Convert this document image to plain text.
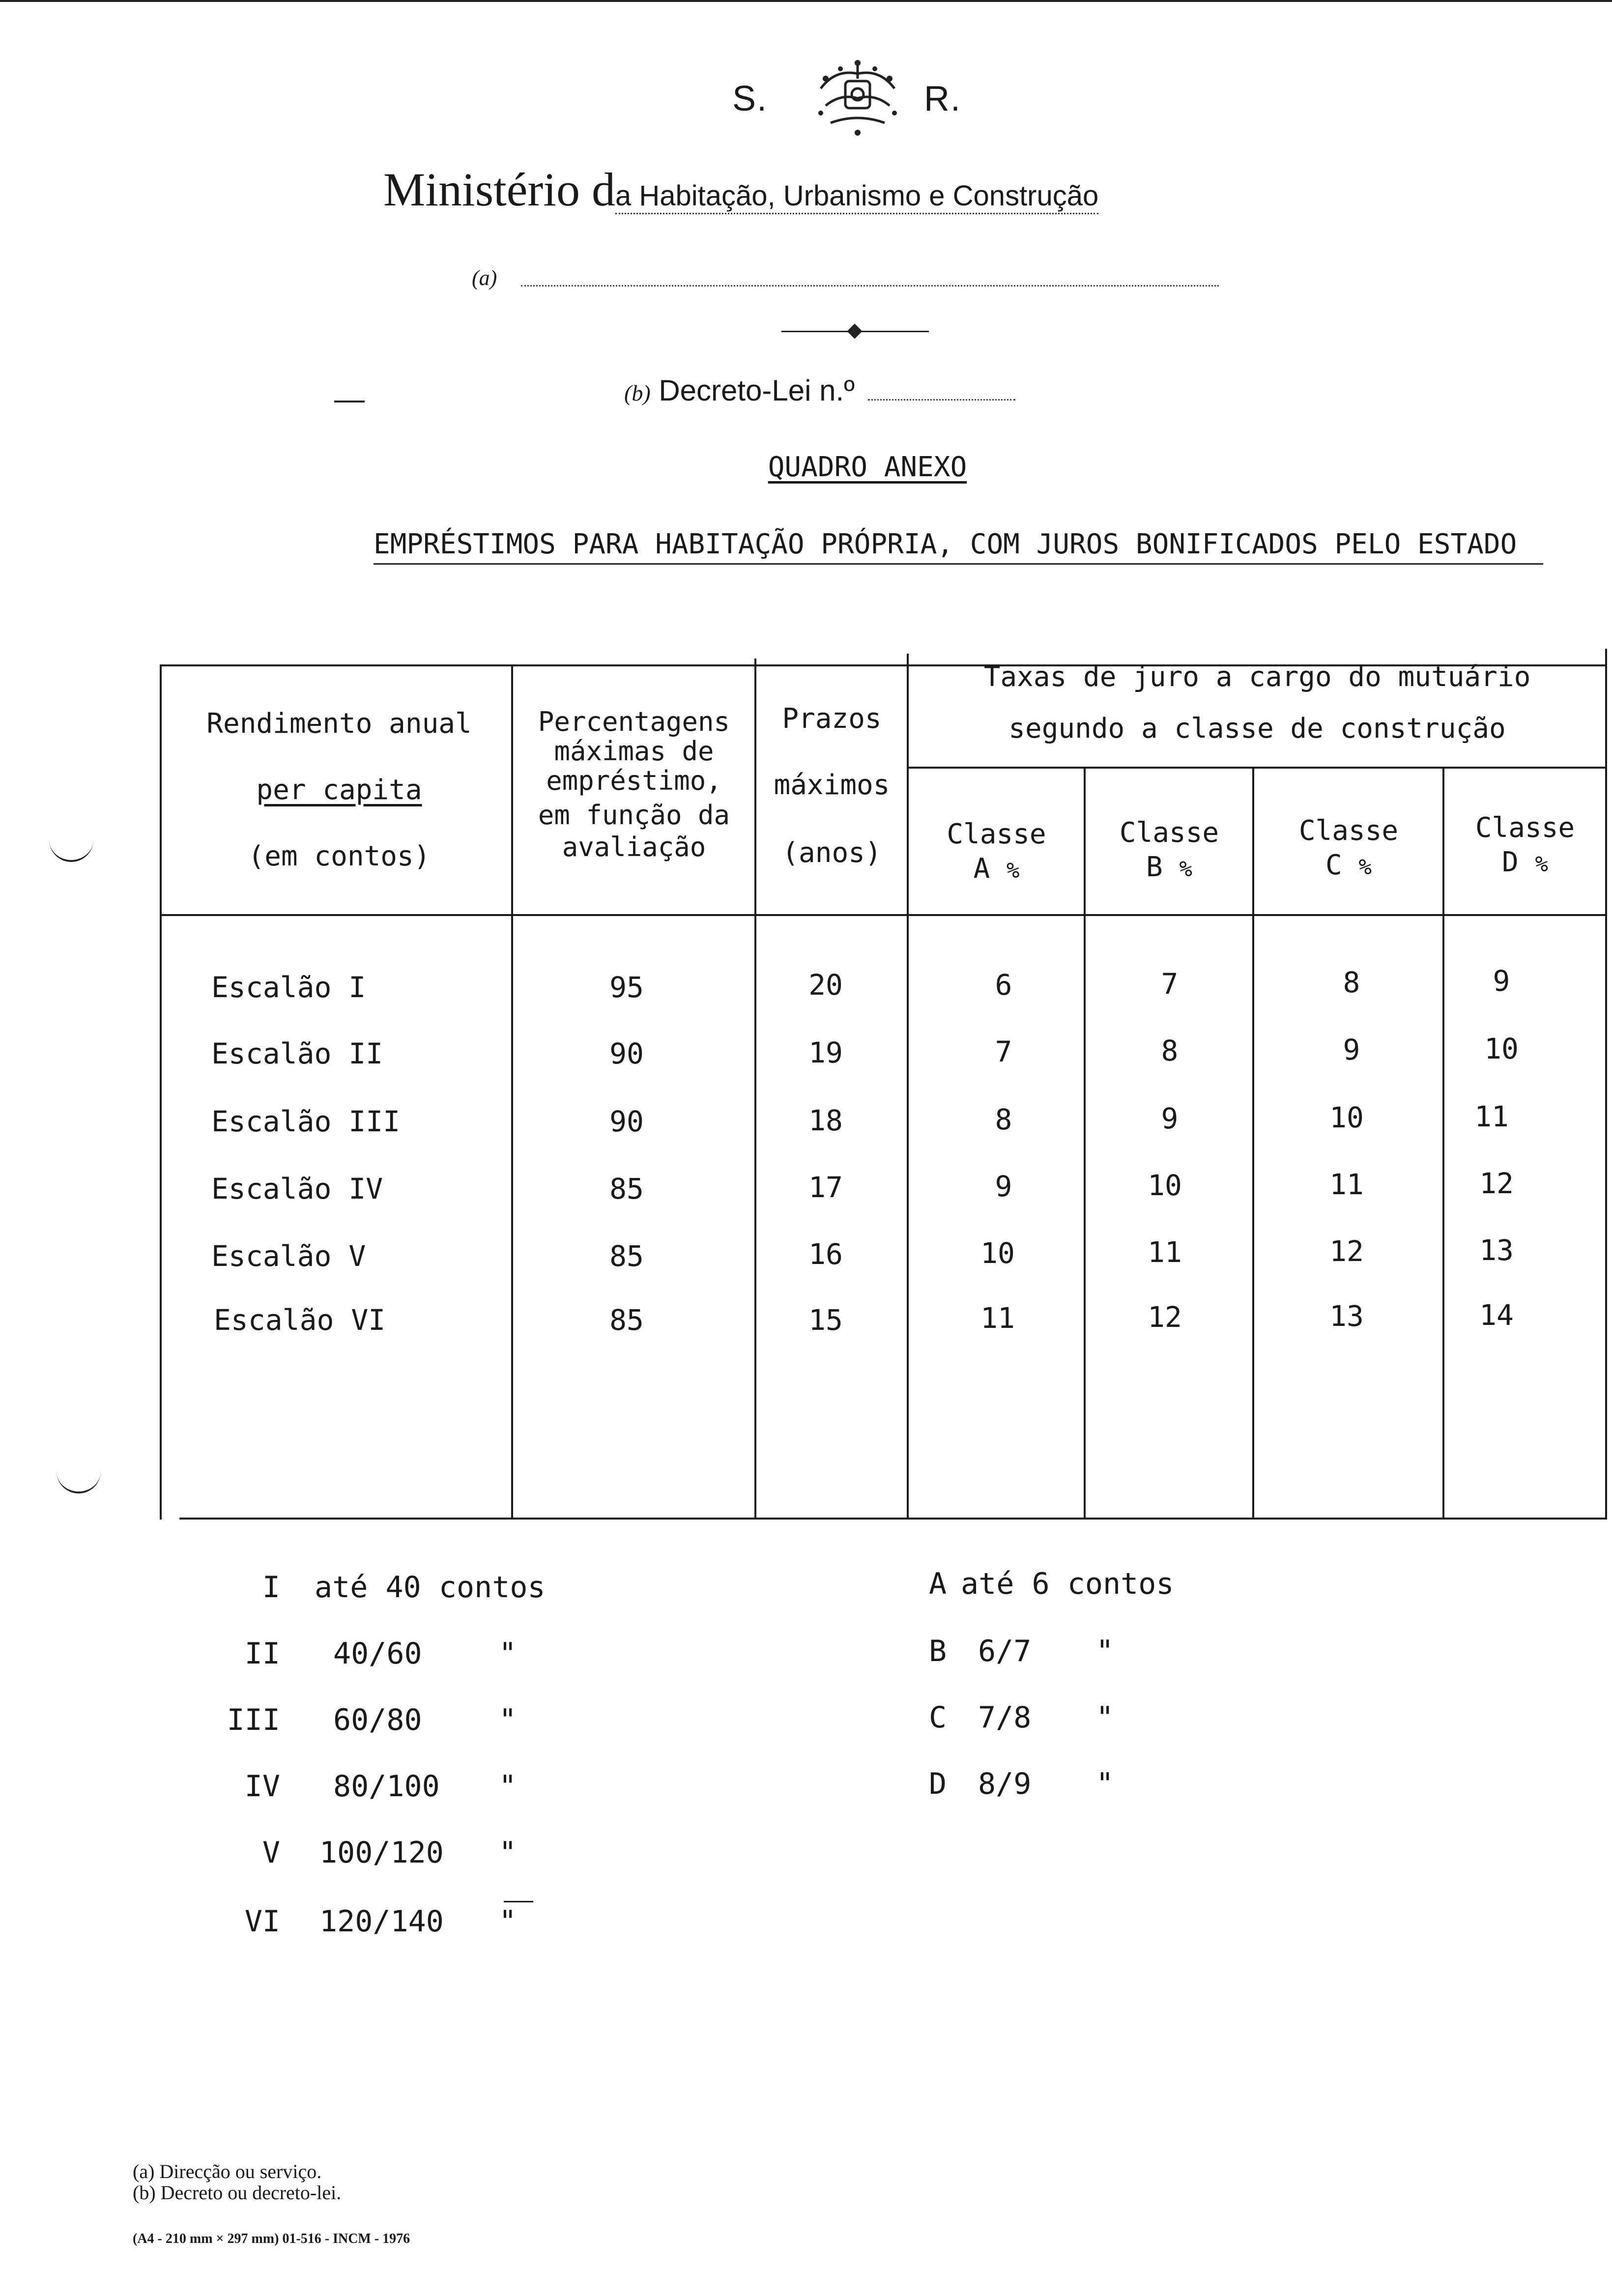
S.	R.
Ministério da Habitação, Urbanismo e Construção
(a)
(b) Decreto-Lei n.º
QUADRO ANEXO
EMPRÉSTIMOS PARA HABITAÇÃO PRÓPRIA, COM JUROS BONIFICADOS PELO ESTADO
Rendimento anual
per capita
(em contos)
Percentagens
máximas de
empréstimo,
em função da
avaliação
Prazos
máximos
(anos)
Taxas de juro a cargo do mutuário
segundo a classe de construção
Classe
A %
Classe
B %
Classe
C %
Classe
D %
Escalão I	95	20	6	7	8	9
Escalão II	90	19	7	8	9	10
Escalão III	90	18	8	9	10	11
Escalão IV	85	17	9	10	11	12
Escalão V	85	16	10	11	12	13
Escalão VI	85	15	11	12	13	14
I até 40 contos
II 40/60	"
III 60/80	"
IV 80/100 "
V 100/120 "
VI 120/140 "
A até 6 contos
B 6/7 "
C 7/8 "
D 8/9 "
(a) Direcção ou serviço.
(b) Decreto ou decreto-lei.
(A4 - 210 mm × 297 mm) 01-516 - INCM - 1976
